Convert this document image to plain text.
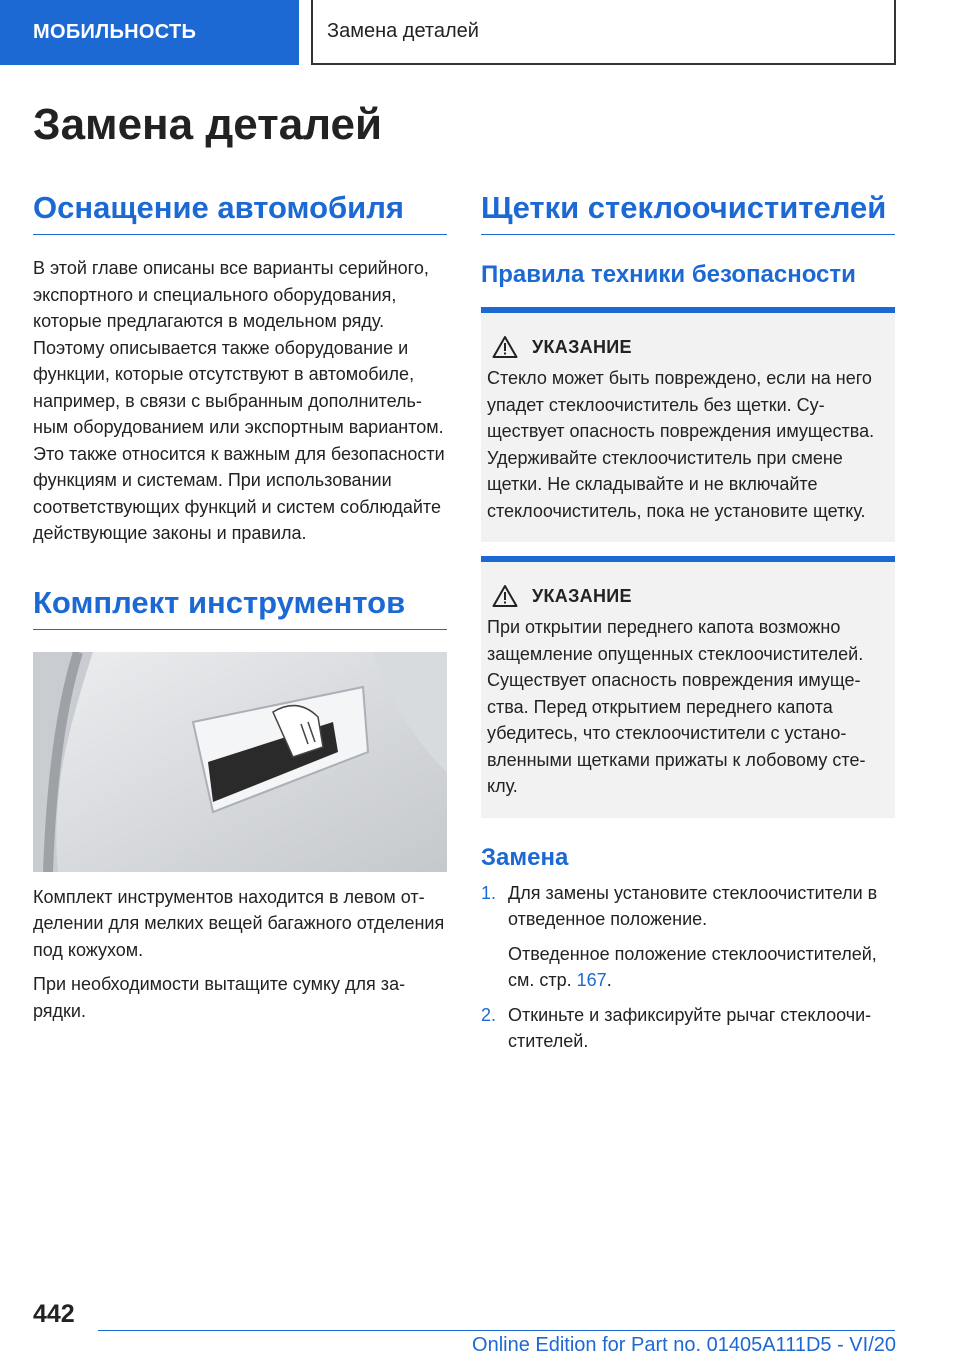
МОБИЛЬНОСТЬ	Замена деталей
Замена деталей
Оснащение автомобиля

В этой главе описаны все варианты серийного, экспортного и специального оборудования, которые предлагаются в модельном ряду. Поэтому описывается также оборудование и функции, которые отсутствуют в автомобиле, например, в связи с выбранным дополнительным оборудованием или экспортным вариантом. Это также относится к важным для безопасности функциям и системам. При использовании соответствующих функций и систем соблюдайте действующие законы и правила.

Комплект инструментов

Комплект инструментов находится в левом отделении для мелких вещей багажного отделения под кожухом.

При необходимости вытащите сумку для зарядки.

Щетки стеклоочистителей
Правила техники безопасности
УКАЗАНИЕ

Стекло может быть повреждено, если на него упадет стеклоочиститель без щетки. Существует опасность повреждения имущества. Удерживайте стеклоочиститель при смене щетки. Не складывайте и не включайте стеклоочиститель, пока не установите щетку.

УКАЗАНИЕ

При открытии переднего капота возможно защемление опущенных стеклоочистителей. Существует опасность повреждения имущества. Перед открытием переднего капота убедитесь, что стеклоочистители с установленными щетками прижаты к лобовому стеклу.

Замена
1. Для замены установите стеклоочистители в отведенное положение.

Отведенное положение стеклоочистителей, см. стр. 167.

2. Откиньте и зафиксируйте рычаг стеклоочистителей.

442
Online Edition for Part no. 01405A111D5 - VI/20
